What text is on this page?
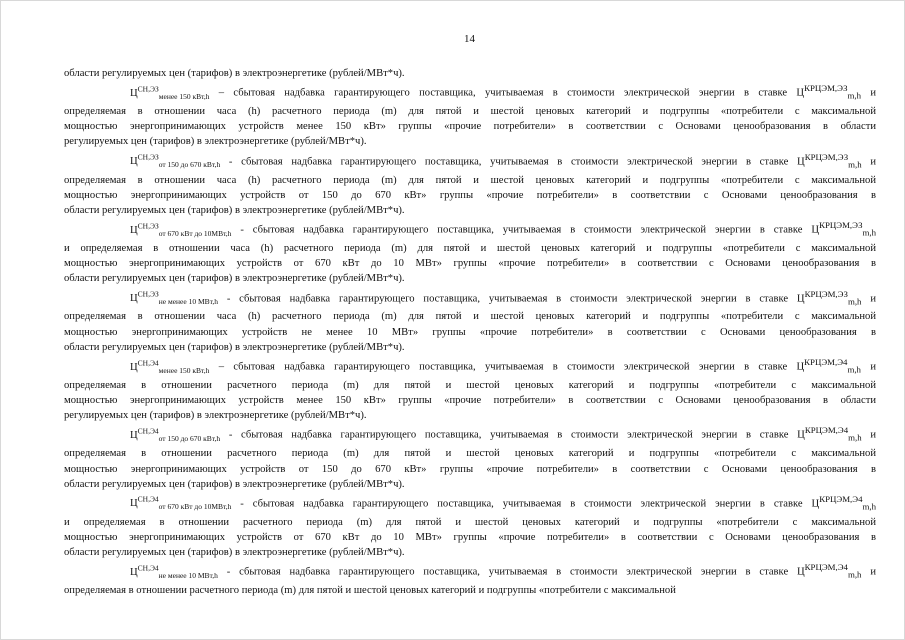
14
области регулируемых цен (тарифов) в электроэнергетике (рублей/МВт*ч).
$Ц^{СН,ЭЗ}_{менее 150 кВт,h}$ – сбытовая надбавка гарантирующего поставщика, учитываемая в стоимости электрической энергии в ставке $Ц^{КРЦЭМ,ЭЗ}_{m,h}$ и
определяемая в отношении часа (h) расчетного периода (m) для пятой и шестой ценовых категорий и подгруппы «потребители с максимальной
мощностью энергопринимающих устройств менее 150 кВт» группы «прочие потребители» в соответствии с Основами ценообразования в области
регулируемых цен (тарифов) в электроэнергетике (рублей/МВт*ч).
$Ц^{СН,ЭЗ}_{от 150 до 670 кВт,h}$ - сбытовая надбавка гарантирующего поставщика, учитываемая в стоимости электрической энергии в ставке $Ц^{КРЦЭМ,ЭЗ}_{m,h}$ и
определяемая в отношении часа (h) расчетного периода (m) для пятой и шестой ценовых категорий и подгруппы «потребители с максимальной
мощностью энергопринимающих устройств от 150 до 670 кВт» группы «прочие потребители» в соответствии с Основами ценообразования в
области регулируемых цен (тарифов) в электроэнергетике (рублей/МВт*ч).
$Ц^{СН,ЭЗ}_{от 670 кВт до 10МВт,h}$ - сбытовая надбавка гарантирующего поставщика, учитываемая в стоимости электрической энергии в ставке $Ц^{КРЦЭМ,ЭЗ}_{m,h}$
и определяемая в отношении часа (h) расчетного периода (m) для пятой и шестой ценовых категорий и подгруппы «потребители с максимальной
мощностью энергопринимающих устройств от 670 кВт до 10 МВт» группы «прочие потребители» в соответствии с Основами ценообразования в
области регулируемых цен (тарифов) в электроэнергетике (рублей/МВт*ч).
$Ц^{СН,ЭЗ}_{не менее 10 МВт,h}$ - сбытовая надбавка гарантирующего поставщика, учитываемая в стоимости электрической энергии в ставке $Ц^{КРЦЭМ,ЭЗ}_{m,h}$ и
определяемая в отношении часа (h) расчетного периода (m) для пятой и шестой ценовых категорий и подгруппы «потребители с максимальной
мощностью энергопринимающих устройств не менее 10 МВт» группы «прочие потребители» в соответствии с Основами ценообразования в
области регулируемых цен (тарифов) в электроэнергетике (рублей/МВт*ч).
$Ц^{СН,Э4}_{менее 150 кВт,h}$ – сбытовая надбавка гарантирующего поставщика, учитываемая в стоимости электрической энергии в ставке $Ц^{КРЦЭМ,Э4}_{m,h}$ и
определяемая в отношении расчетного периода (m) для пятой и шестой ценовых категорий и подгруппы «потребители с максимальной
мощностью энергопринимающих устройств менее 150 кВт» группы «прочие потребители» в соответствии с Основами ценообразования в области
регулируемых цен (тарифов) в электроэнергетике (рублей/МВт*ч).
$Ц^{СН,Э4}_{от 150 до 670 кВт,h}$ - сбытовая надбавка гарантирующего поставщика, учитываемая в стоимости электрической энергии в ставке $Ц^{КРЦЭМ,Э4}_{m,h}$ и
определяемая в отношении расчетного периода (m) для пятой и шестой ценовых категорий и подгруппы «потребители с максимальной
мощностью энергопринимающих устройств от 150 до 670 кВт» группы «прочие потребители» в соответствии с Основами ценообразования в
области регулируемых цен (тарифов) в электроэнергетике (рублей/МВт*ч).
$Ц^{СН,Э4}_{от 670 кВт до 10МВт,h}$ - сбытовая надбавка гарантирующего поставщика, учитываемая в стоимости электрической энергии в ставке $Ц^{КРЦЭМ,Э4}_{m,h}$
и определяемая в отношении расчетного периода (m) для пятой и шестой ценовых категорий и подгруппы «потребители с максимальной
мощностью энергопринимающих устройств от 670 кВт до 10 МВт» группы «прочие потребители» в соответствии с Основами ценообразования в
области регулируемых цен (тарифов) в электроэнергетике (рублей/МВт*ч).
$Ц^{СН,Э4}_{не менее 10 МВт,h}$ - сбытовая надбавка гарантирующего поставщика, учитываемая в стоимости электрической энергии в ставке $Ц^{КРЦЭМ,Э4}_{m,h}$ и
определяемая в отношении расчетного периода (m) для пятой и шестой ценовых категорий и подгруппы «потребители с максимальной
